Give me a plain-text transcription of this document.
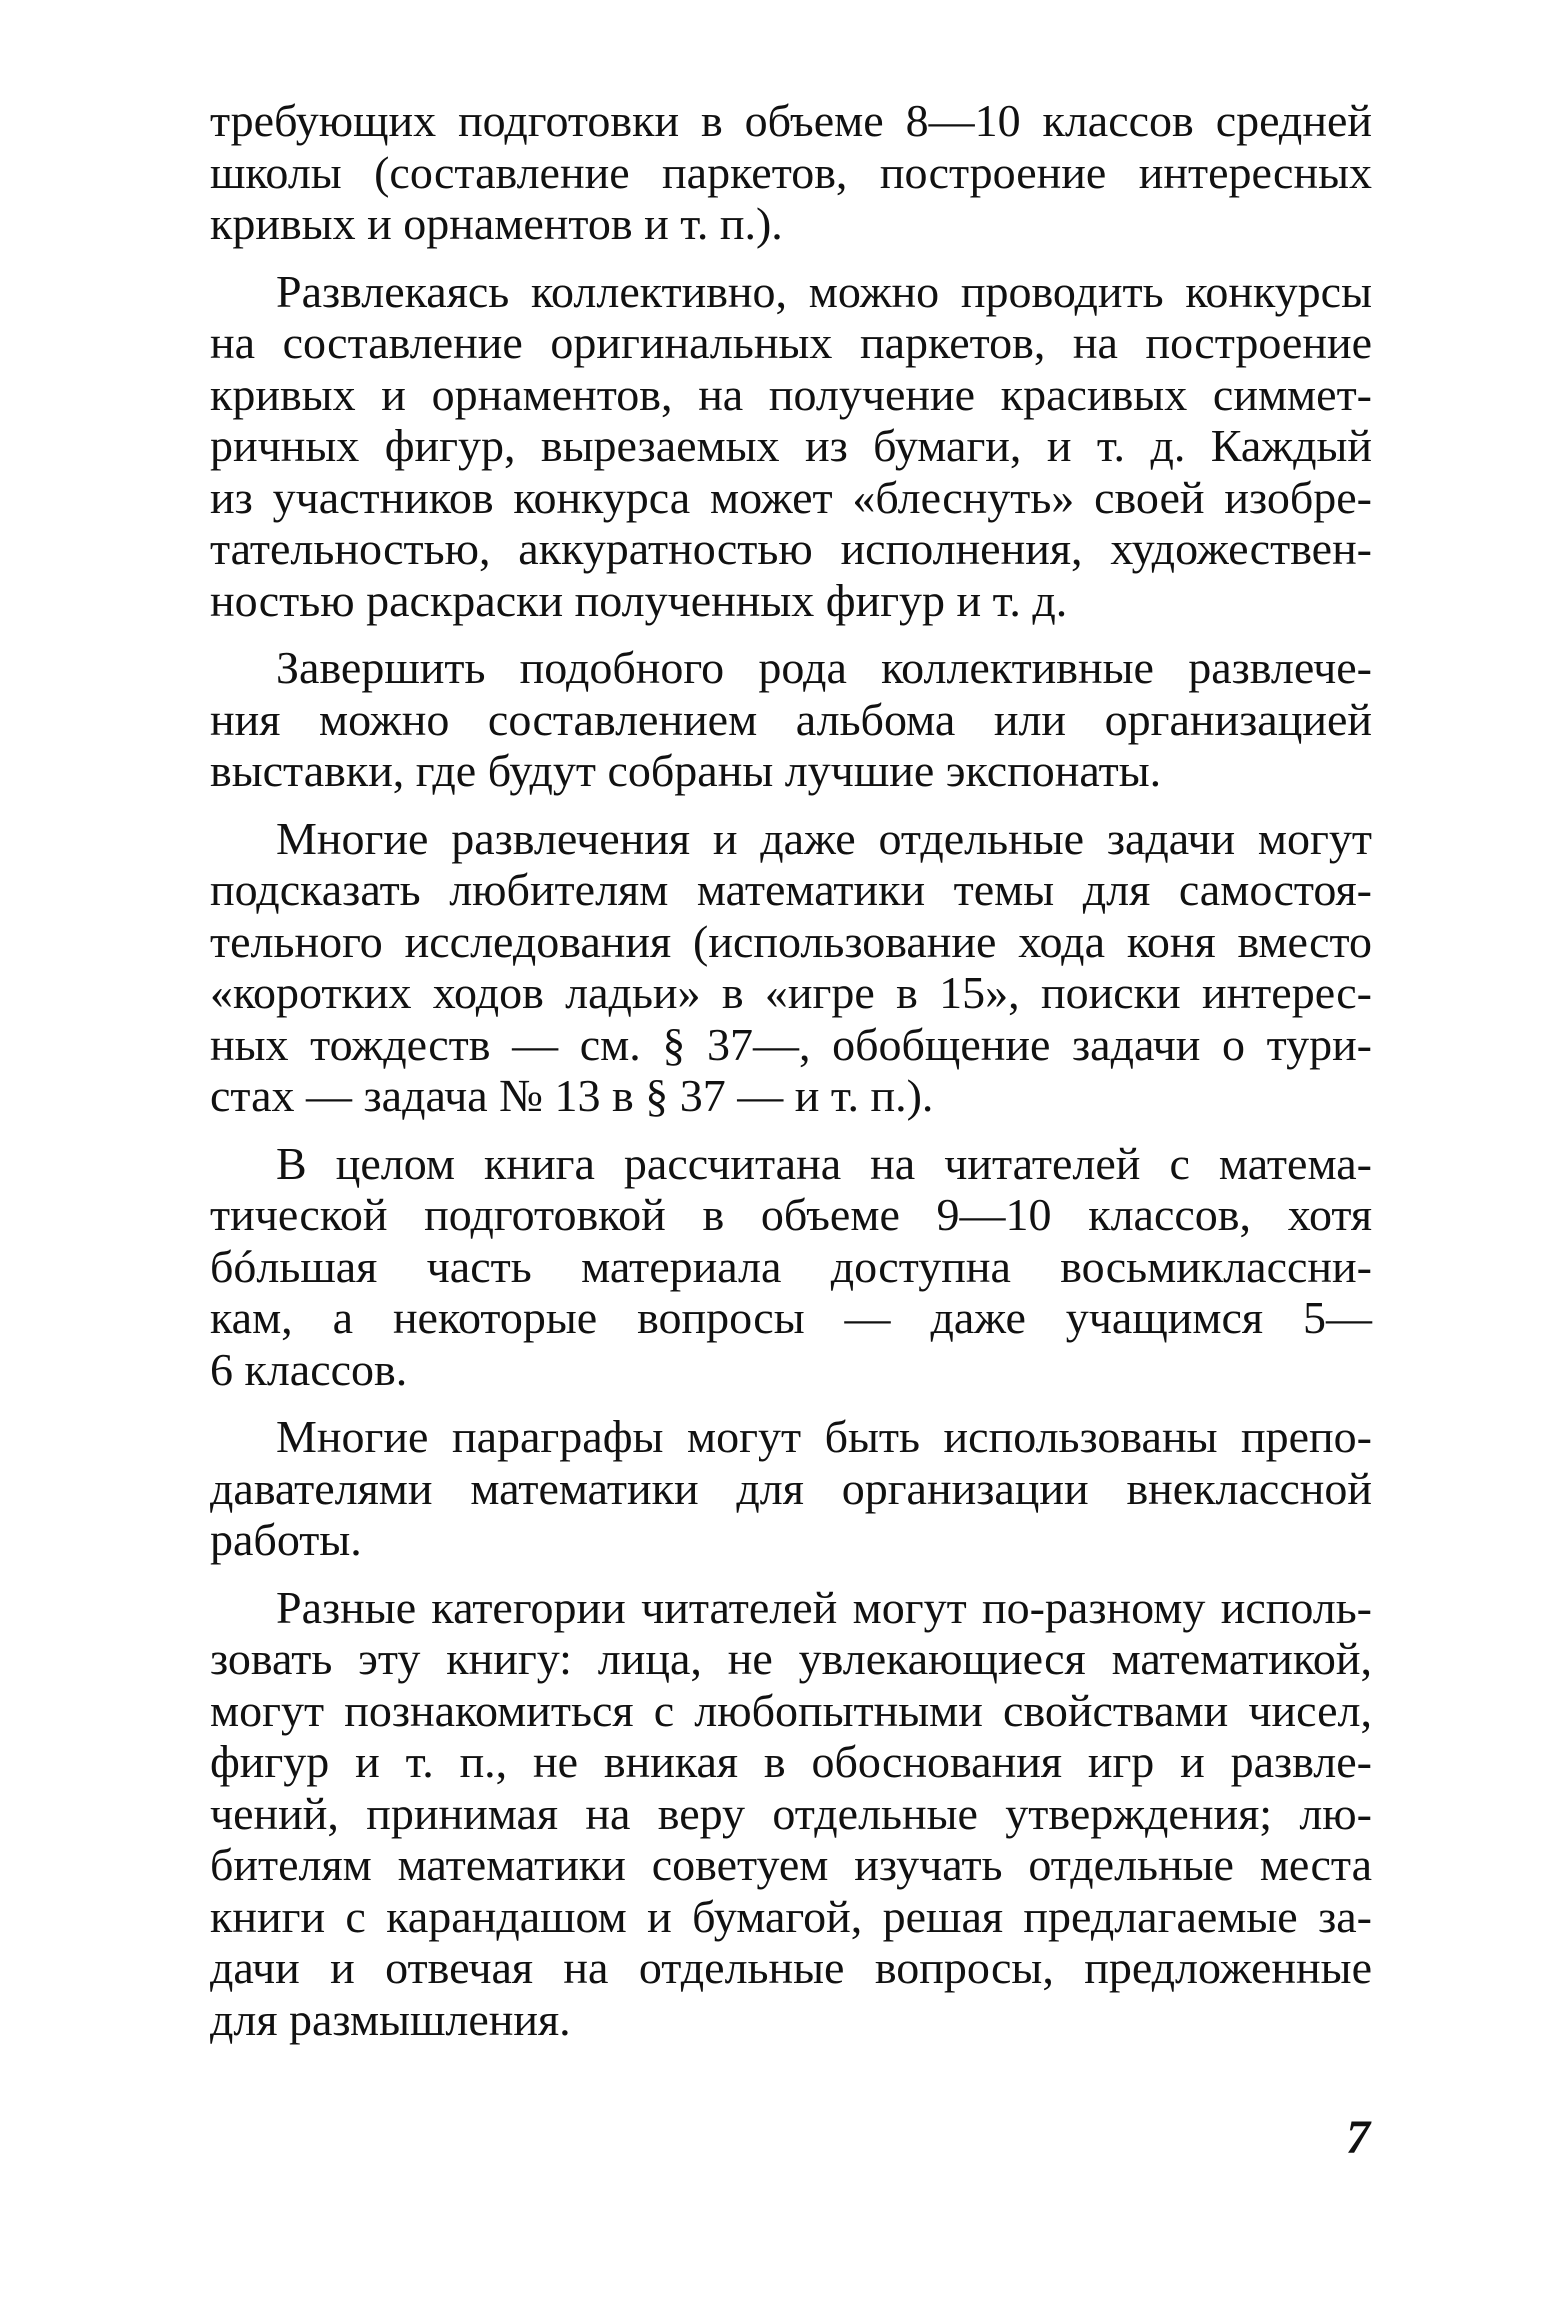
требующих подготовки в объеме 8—10 классов средней
школы (составление паркетов, построение интересных
кривых и орнаментов и т. п.).
Развлекаясь коллективно, можно проводить конкурсы
на составление оригинальных паркетов, на построение
кривых и орнаментов, на получение красивых симмет-
ричных фигур, вырезаемых из бумаги, и т. д. Каждый
из участников конкурса может «блеснуть» своей изобре-
тательностью, аккуратностью исполнения, художествен-
ностью раскраски полученных фигур и т. д.
Завершить подобного рода коллективные развлече-
ния можно составлением альбома или организацией
выставки, где будут собраны лучшие экспонаты.
Многие развлечения и даже отдельные задачи могут
подсказать любителям математики темы для самостоя-
тельного исследования (использование хода коня вместо
«коротких ходов ладьи» в «игре в 15», поиски интерес-
ных тождеств — см. § 37—, обобщение задачи о тури-
стах — задача № 13 в § 37 — и т. п.).
В целом книга рассчитана на читателей с матема-
тической подготовкой в объеме 9—10 классов, хотя
бóльшая часть материала доступна восьмиклассни-
кам, а некоторые вопросы — даже учащимся 5—
6 классов.
Многие параграфы могут быть использованы препо-
давателями математики для организации внеклассной
работы.
Разные категории читателей могут по-разному исполь-
зовать эту книгу: лица, не увлекающиеся математикой,
могут познакомиться с любопытными свойствами чисел,
фигур и т. п., не вникая в обоснования игр и развле-
чений, принимая на веру отдельные утверждения; лю-
бителям математики советуем изучать отдельные места
книги с карандашом и бумагой, решая предлагаемые за-
дачи и отвечая на отдельные вопросы, предложенные
для размышления.
7
